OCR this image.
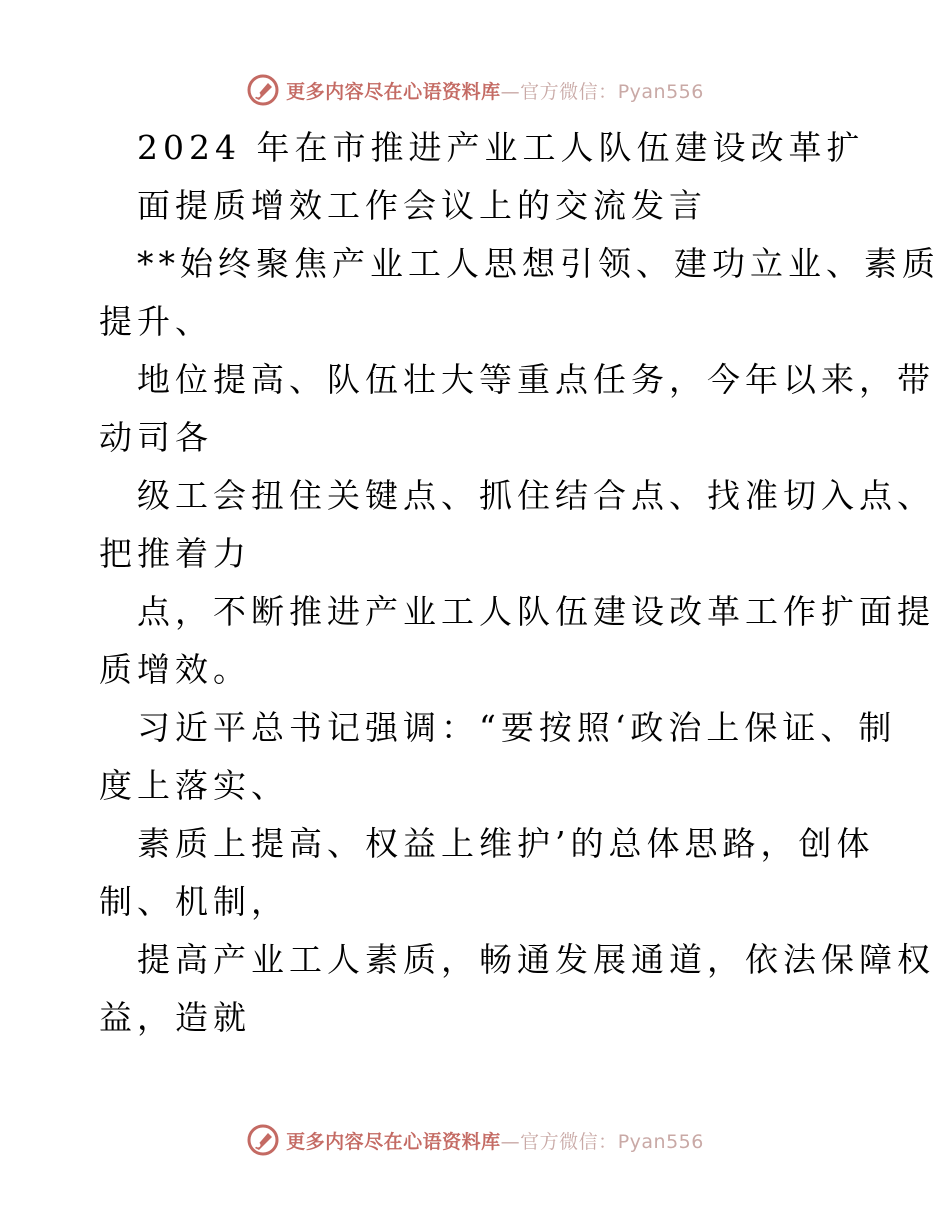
更多内容尽在心语资料库—官方微信：Pyan556
2024 年在市推进产业工人队伍建设改革扩
面提质增效工作会议上的交流发言
**始终聚焦产业工人思想引领、建功立业、素质
提升、
地位提高、队伍壮大等重点任务，今年以来，带
动司各
级工会扭住关键点、抓住结合点、找准切入点、
把推着力
点，不断推进产业工人队伍建设改革工作扩面提
质增效。
习近平总书记强调：“要按照‘政治上保证、制
度上落实、
素质上提高、权益上维护’的总体思路，创体
制、机制，
提高产业工人素质，畅通发展通道，依法保障权
益，造就
更多内容尽在心语资料库—官方微信：Pyan556
